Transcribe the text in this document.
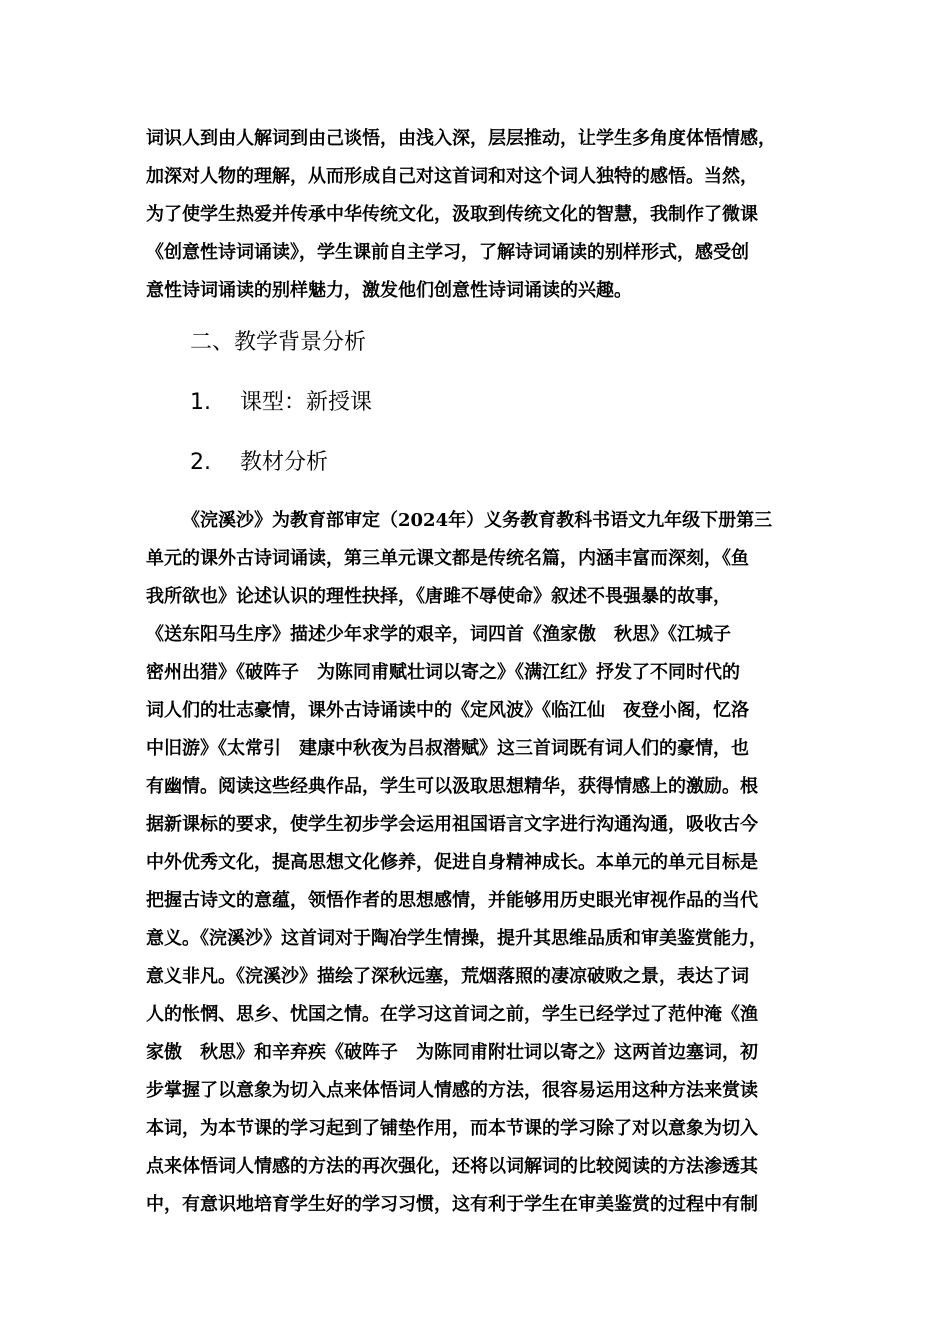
词识人到由人解词到由己谈悟，由浅入深，层层推动，让学生多角度体悟情感，

加深对人物的理解，从而形成自己对这首词和对这个词人独特的感悟。当然，

为了使学生热爱并传承中华传统文化，汲取到传统文化的智慧，我制作了微课

《创意性诗词诵读》，学生课前自主学习，了解诗词诵读的别样形式，感受创

意性诗词诵读的别样魅力，激发他们创意性诗词诵读的兴趣。

二、教学背景分析
1. 课型：新授课
2. 教材分析

《浣溪沙》为教育部审定（2024年）义务教育教科书语文九年级下册第三

单元的课外古诗词诵读，第三单元课文都是传统名篇，内涵丰富而深刻，《鱼

我所欲也》论述认识的理性抉择，《唐雎不辱使命》叙述不畏强暴的故事，

《送东阳马生序》描述少年求学的艰辛，词四首《渔家傲　秋思》《江城子

密州出猎》《破阵子　为陈同甫赋壮词以寄之》《满江红》抒发了不同时代的

词人们的壮志豪情，课外古诗诵读中的《定风波》《临江仙　夜登小阁，忆洛

中旧游》《太常引　建康中秋夜为吕叔潜赋》这三首词既有词人们的豪情，也

有幽情。阅读这些经典作品，学生可以汲取思想精华，获得情感上的激励。根

据新课标的要求，使学生初步学会运用祖国语言文字进行沟通沟通，吸收古今

中外优秀文化，提高思想文化修养，促进自身精神成长。本单元的单元目标是

把握古诗文的意蕴，领悟作者的思想感情，并能够用历史眼光审视作品的当代

意义。《浣溪沙》这首词对于陶冶学生情操，提升其思维品质和审美鉴赏能力，

意义非凡。《浣溪沙》描绘了深秋远塞，荒烟落照的凄凉破败之景，表达了词

人的怅惘、思乡、忧国之情。在学习这首词之前，学生已经学过了范仲淹《渔

家傲　秋思》和辛弃疾《破阵子　为陈同甫附壮词以寄之》这两首边塞词，初

步掌握了以意象为切入点来体悟词人情感的方法，很容易运用这种方法来赏读

本词，为本节课的学习起到了铺垫作用，而本节课的学习除了对以意象为切入

点来体悟词人情感的方法的再次强化，还将以词解词的比较阅读的方法渗透其

中，有意识地培育学生好的学习习惯，这有利于学生在审美鉴赏的过程中有制
